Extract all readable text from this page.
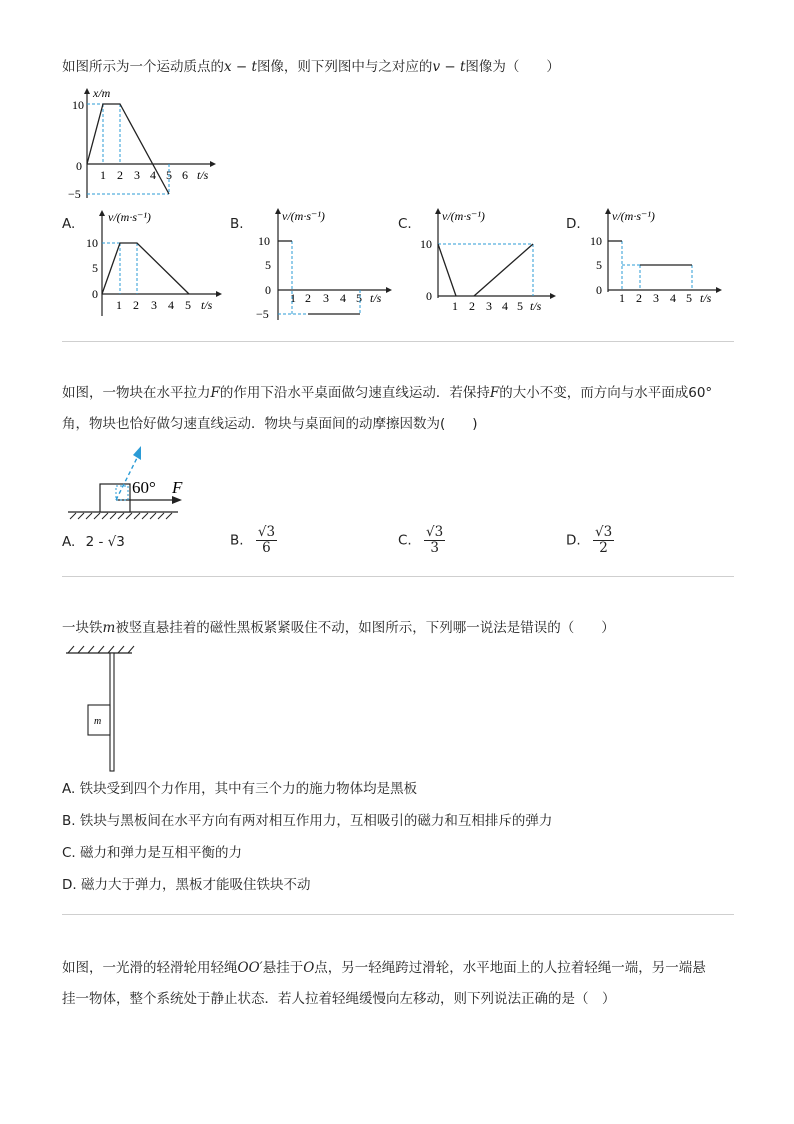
如图所示为一个运动质点的x − t图像，则下列图中与之对应的v − t图像为（　　）
x/m
10
0
−5
1 2 3 4 5 6 t/s
A.	B.	C.	D.
v/(m·s⁻¹)
10
5
0
1 2 3 4 5 t/s
v/(m·s⁻¹)
10
5
0
−5
1 2 3 4 5 t/s
v/(m·s⁻¹)
10
0
1 2 3 4 5 t/s
v/(m·s⁻¹)
10
5
0
1 2 3 4 5 t/s
如图，一物块在水平拉力F的作用下沿水平桌面做匀速直线运动．若保持F的大小不变，而方向与水平面成60°
角，物块也恰好做匀速直线运动．物块与桌面间的动摩擦因数为(　　)
60° F
A. 2 - √3	B. $\frac{√3}{6}$	C. $\frac{√3}{3}$	D. $\frac{√3}{2}$
一块铁m被竖直悬挂着的磁性黑板紧紧吸住不动，如图所示，下列哪一说法是错误的（　　）
m
A. 铁块受到四个力作用，其中有三个力的施力物体均是黑板
B. 铁块与黑板间在水平方向有两对相互作用力，互相吸引的磁力和互相排斥的弹力
C. 磁力和弹力是互相平衡的力
D. 磁力大于弹力，黑板才能吸住铁块不动
如图，一光滑的轻滑轮用轻绳OO′悬挂于O点，另一轻绳跨过滑轮，水平地面上的人拉着轻绳一端，另一端悬
挂一物体，整个系统处于静止状态．若人拉着轻绳缓慢向左移动，则下列说法正确的是（　）
